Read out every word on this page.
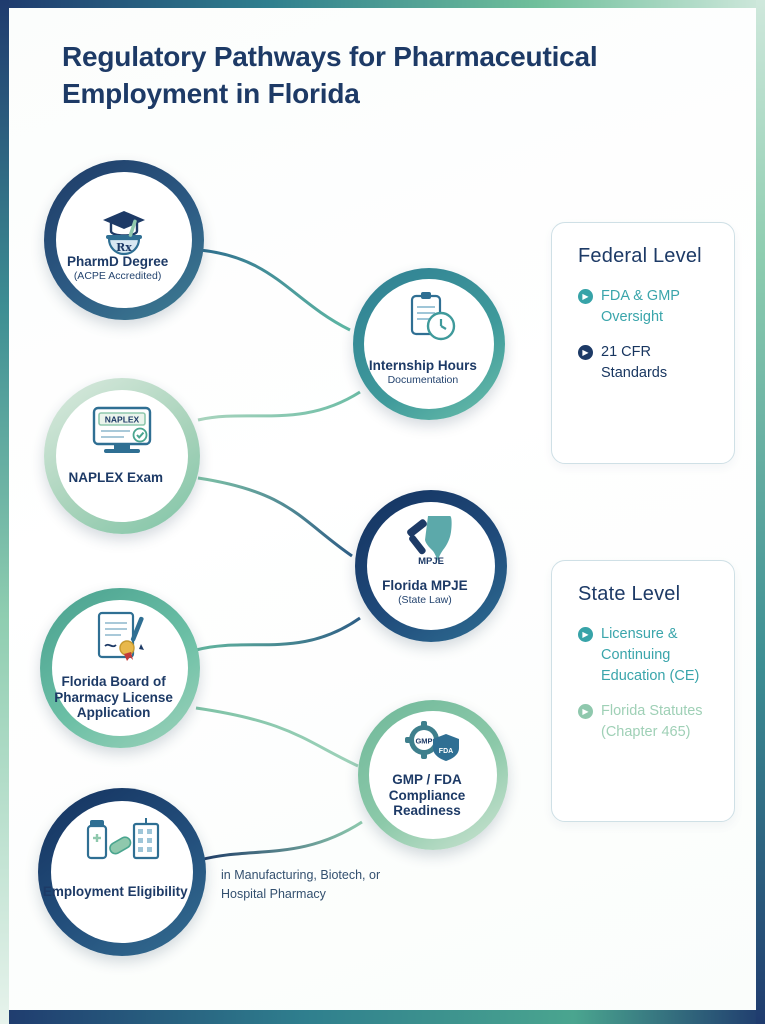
Regulatory Pathways for Pharmaceutical Employment in Florida
Rx
PharmD Degree
(ACPE Accredited)
Internship Hours
Documentation
NAPLEX
NAPLEX Exam
MPJE
Florida MPJE
(State Law)
Florida Board of Pharmacy License Application
GMP
FDA
GMP / FDA Compliance Readiness
Employment Eligibility
in Manufacturing, Biotech, or Hospital Pharmacy
Federal Level
▶ FDA & GMP Oversight
▶ 21 CFR Standards
State Level
▶ Licensure & Continuing Education (CE)
▶ Florida Statutes (Chapter 465)
